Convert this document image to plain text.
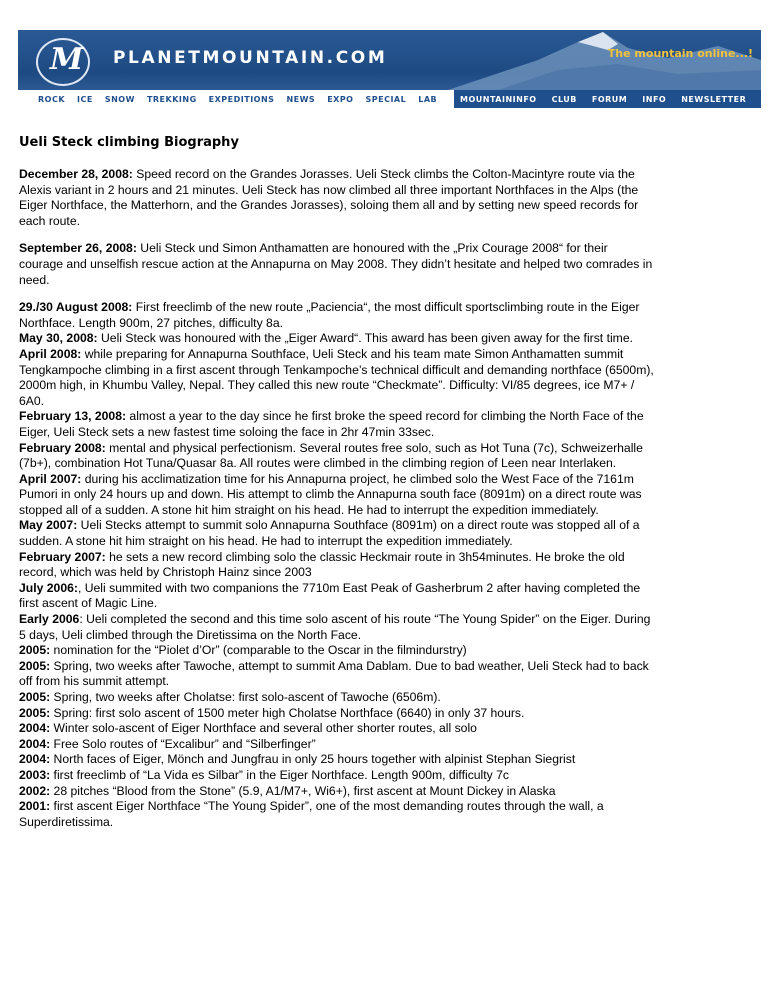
M PLANETMOUNTAIN.COM	The mountain online...!
ROCK ICE SNOW TREKKING EXPEDITIONS NEWS EXPO SPECIAL LAB	MOUNTAININFO CLUB FORUM INFO NEWSLETTER
Ueli Steck climbing Biography

December 28, 2008: Speed record on the Grandes Jorasses. Ueli Steck climbs the Colton-Macintyre route via the Alexis variant in 2 hours and 21 minutes. Ueli Steck has now climbed all three important Northfaces in the Alps (the Eiger Northface, the Matterhorn, and the Grandes Jorasses), soloing them all and by setting new speed records for each route.

September 26, 2008: Ueli Steck und Simon Anthamatten are honoured with the „Prix Courage 2008“ for their courage and unselfish rescue action at the Annapurna on May 2008. They didn’t hesitate and helped two comrades in need.

29./30 August 2008: First freeclimb of the new route „Paciencia“, the most difficult sportsclimbing route in the Eiger Northface. Length 900m, 27 pitches, difficulty 8a.
May 30, 2008: Ueli Steck was honoured with the „Eiger Award“. This award has been given away for the first time.
April 2008: while preparing for Annapurna Southface, Ueli Steck and his team mate Simon Anthamatten summit Tengkampoche climbing in a first ascent through Tenkampoche’s technical difficult and demanding northface (6500m), 2000m high, in Khumbu Valley, Nepal. They called this new route “Checkmate”. Difficulty: VI/85 degrees, ice M7+ / 6A0.
February 13, 2008: almost a year to the day since he first broke the speed record for climbing the North Face of the Eiger, Ueli Steck sets a new fastest time soloing the face in 2hr 47min 33sec.
February 2008: mental and physical perfectionism. Several routes free solo, such as Hot Tuna (7c), Schweizerhalle (7b+), combination Hot Tuna/Quasar 8a. All routes were climbed in the climbing region of Leen near Interlaken.
April 2007: during his acclimatization time for his Annapurna project, he climbed solo the West Face of the 7161m Pumori in only 24 hours up and down. His attempt to climb the Annapurna south face (8091m) on a direct route was stopped all of a sudden. A stone hit him straight on his head. He had to interrupt the expedition immediately.
May 2007: Ueli Stecks attempt to summit solo Annapurna Southface (8091m) on a direct route was stopped all of a sudden. A stone hit him straight on his head. He had to interrupt the expedition immediately.
February 2007: he sets a new record climbing solo the classic Heckmair route in 3h54minutes. He broke the old record, which was held by Christoph Hainz since 2003
July 2006:, Ueli summited with two companions the 7710m East Peak of Gasherbrum 2 after having completed the first ascent of Magic Line.
Early 2006: Ueli completed the second and this time solo ascent of his route “The Young Spider” on the Eiger. During 5 days, Ueli climbed through the Diretissima on the North Face.
2005: nomination for the “Piolet d’Or” (comparable to the Oscar in the filmindurstry)
2005: Spring, two weeks after Tawoche, attempt to summit Ama Dablam. Due to bad weather, Ueli Steck had to back off from his summit attempt.
2005: Spring, two weeks after Cholatse: first solo-ascent of Tawoche (6506m).
2005: Spring: first solo ascent of 1500 meter high Cholatse Northface (6640) in only 37 hours.
2004: Winter solo-ascent of Eiger Northface and several other shorter routes, all solo
2004: Free Solo routes of “Excalibur” and “Silberfinger”
2004: North faces of Eiger, Mönch and Jungfrau in only 25 hours together with alpinist Stephan Siegrist
2003: first freeclimb of “La Vida es Silbar” in the Eiger Northface. Length 900m, difficulty 7c
2002: 28 pitches “Blood from the Stone” (5.9, A1/M7+, Wi6+), first ascent at Mount Dickey in Alaska
2001: first ascent Eiger Northface “The Young Spider”, one of the most demanding routes through the wall, a Superdiretissima.
